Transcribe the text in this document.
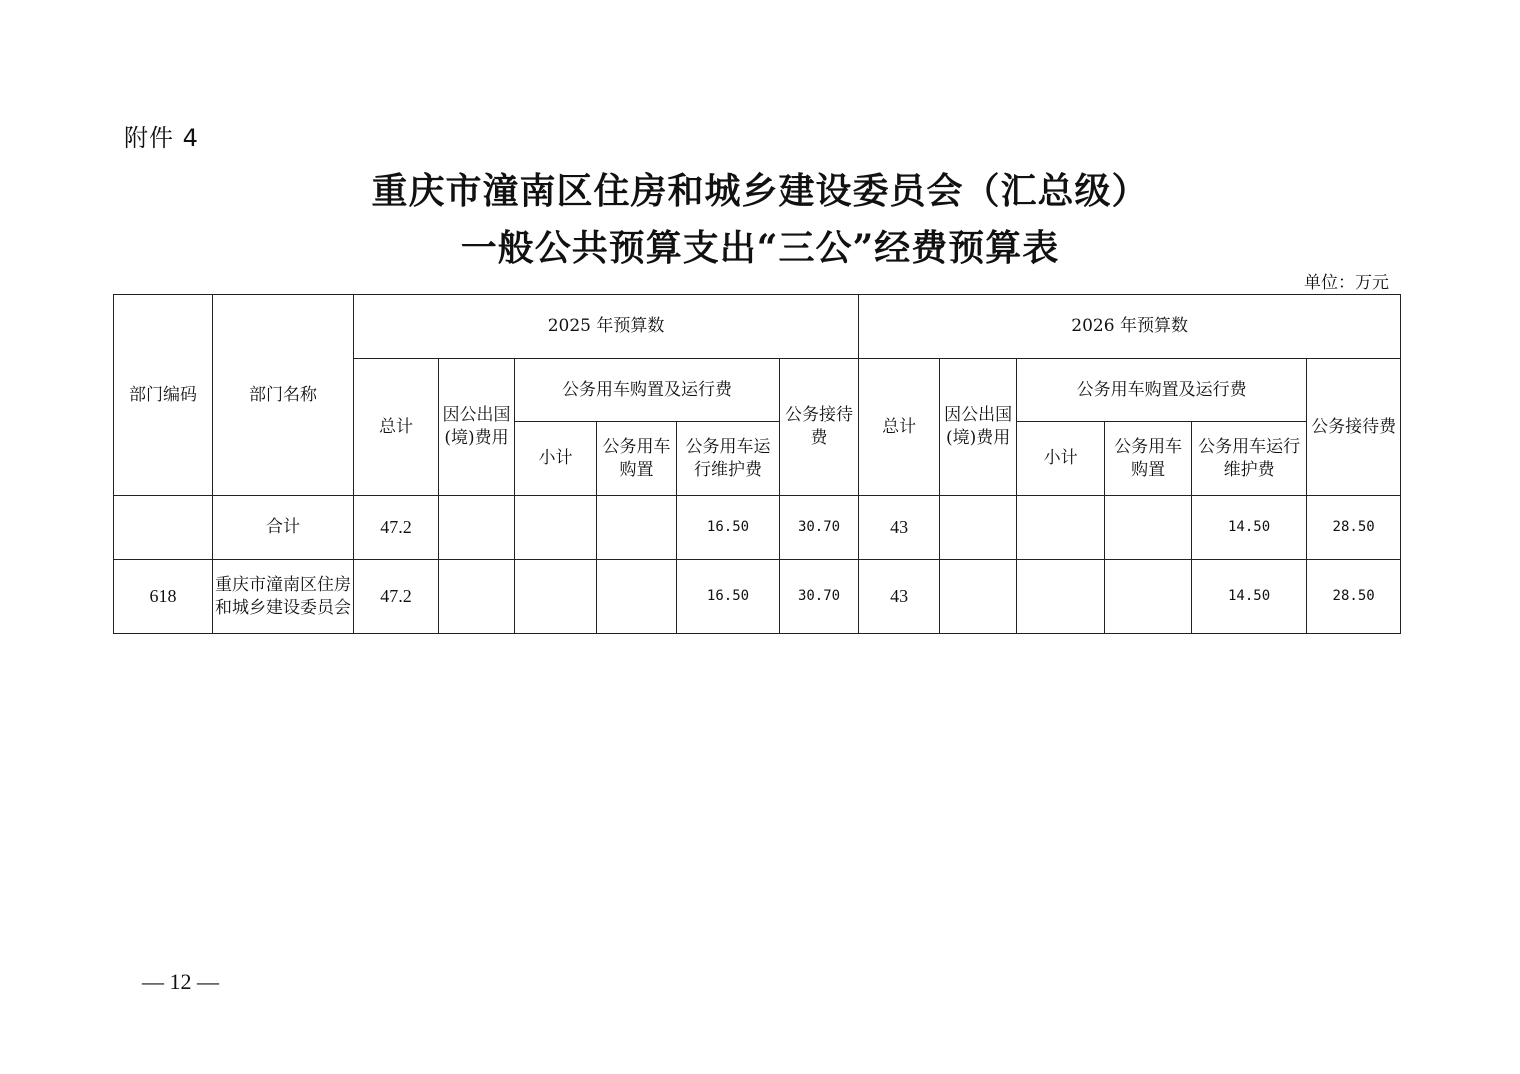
附件 4
重庆市潼南区住房和城乡建设委员会（汇总级）
一般公共预算支出“三公”经费预算表
单位：万元
部门编码	部门名称	2025 年预算数						2026 年预算数					
		总计	因公出国(境)费用	公务用车购置及运行费			公务接待费	总计	因公出国(境)费用	公务用车购置及运行费			公务接待费
				小计	公务用车购置	公务用车运行维护费				小计	公务用车购置	公务用车运行维护费	
	合计	47.2				16.50	30.70	43				14.50	28.50
618	重庆市潼南区住房和城乡建设委员会	47.2				16.50	30.70	43				14.50	28.50
— 12 —
